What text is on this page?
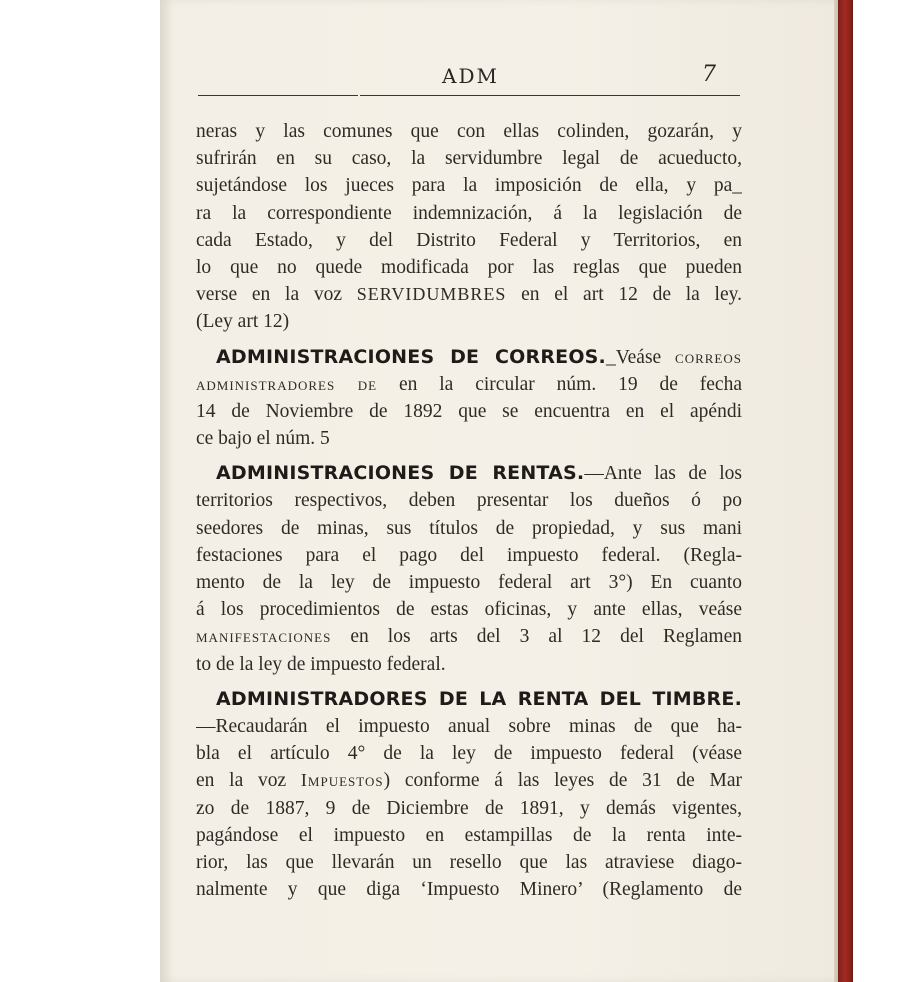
ADM	7
neras y las comunes que con ellas colinden, gozarán, y
sufrirán en su caso, la servidumbre legal de acueducto,
sujetándose los jueces para la imposición de ella, y pa_
ra la correspondiente indemnización, á la legislación de
cada Estado, y del Distrito Federal y Territorios, en
lo que no quede modificada por las reglas que pueden
verse en la voz SERVIDUMBRES en el art 12 de la ley.
(Ley art 12)
ADMINISTRACIONES DE CORREOS._Veáse correos
administradores de en la circular núm. 19 de fecha
14 de Noviembre de 1892 que se encuentra en el apéndi
ce bajo el núm. 5
ADMINISTRACIONES DE RENTAS.—Ante las de los
territorios respectivos, deben presentar los dueños ó po
seedores de minas, sus títulos de propiedad, y sus mani
festaciones para el pago del impuesto federal. (Regla-
mento de la ley de impuesto federal art 3°) En cuanto
á los procedimientos de estas oficinas, y ante ellas, veáse
manifestaciones en los arts del 3 al 12 del Reglamen
to de la ley de impuesto federal.
ADMINISTRADORES DE LA RENTA DEL TIMBRE.
—Recaudarán el impuesto anual sobre minas de que ha-
bla el artículo 4° de la ley de impuesto federal (véase
en la voz Impuestos) conforme á las leyes de 31 de Mar
zo de 1887, 9 de Diciembre de 1891, y demás vigentes,
pagándose el impuesto en estampillas de la renta inte-
rior, las que llevarán un resello que las atraviese diago-
nalmente y que diga ‘Impuesto Minero’ (Reglamento de
